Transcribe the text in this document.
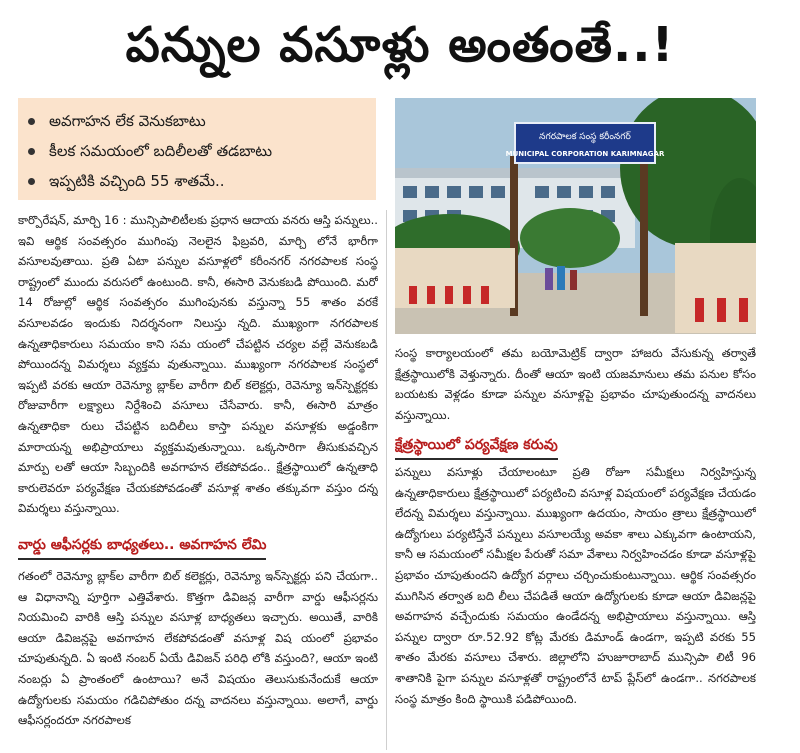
పన్నుల వసూళ్లు అంతంతే..!
అవగాహన లేక వెనుకబాటు
కీలక సమయంలో బదిలీలతో తడబాటు
ఇప్పటికి వచ్చింది 55 శాతమే..
నగరపాలక సంస్థ కరీంనగర్
MUNICIPAL CORPORATION KARIMNAGAR

కార్పొరేషన్‌, మార్చి 16 : మున్సిపాలిటీలకు ప్రధాన ఆదాయ వనరు ఆస్తి పన్నులు.. ఇవి ఆర్థిక సంవత్సరం ముగింపు నెలలైన ఫిబ్రవరి, మార్చి లోనే భారీగా వసూలవుతాయి. ప్రతి ఏటా పన్నుల వసూళ్లలో కరీంనగర్‌ నగరపాలక సంస్థ రాష్ట్రంలో ముందు వరుసలో ఉంటుంది. కానీ, ఈసారి వెనుకబడి పోయింది. మరో 14 రోజుల్లో ఆర్థిక సంవత్సరం ముగింపునకు వస్తున్నా 55 శాతం వరకే వసూలవడం ఇందుకు నిదర్శనంగా నిలుస్తు న్నది. ముఖ్యంగా నగరపాలక ఉన్నతాధికారులు సమయం కాని సమ యంలో చేపట్టిన చర్యల వల్లే వెనుకబడి పోయిందన్న విమర్శలు వ్యక్తమ వుతున్నాయి. ముఖ్యంగా నగరపాలక సంస్థలో ఇప్పటి వరకు ఆయా రెవెన్యూ బ్లాక్‌ల వారీగా బిల్‌ కలెక్టర్లు, రెవెన్యూ ఇన్‌స్పెక్టర్లకు రోజువారీగా లక్ష్యాలు నిర్దేశించి వసూలు చేసేవారు. కానీ, ఈసారి మాత్రం ఉన్నతాధికా రులు చేపట్టిన బదిలీలు కాస్తా పన్నుల వసూళ్లకు అడ్డంకిగా మారాయన్న అభిప్రాయాలు వ్యక్తమవుతున్నాయి. ఒక్కసారిగా తీసుకువచ్చిన మార్పు లతో ఆయా సిబ్బందికి అవగాహన లేకపోవడం.. క్షేత్రస్థాయిలో ఉన్నతాధి కారులెవరూ పర్యవేక్షణ చేయకపోవడంతో వసూళ్ల శాతం తక్కువగా వస్తుం దన్న విమర్శలు వస్తున్నాయి.

వార్డు ఆఫీసర్లకు బాధ్యతలు.. అవగాహన లేమి

గతంలో రెవెన్యూ బ్లాక్‌ల వారీగా బిల్‌ కలెక్టర్లు, రెవెన్యూ ఇన్‌స్పెక్టర్లు పని చేయగా.. ఆ విధానాన్ని పూర్తిగా ఎత్తివేశారు. కొత్తగా డివిజన్ల వారీగా వార్డు ఆఫీసర్లను నియమించి వారికి ఆస్తి పన్నుల వసూళ్ల బాధ్యతలు ఇచ్చారు. అయితే, వారికి ఆయా డివిజన్లపై అవగాహన లేకపోవడంతో వసూళ్ల విష యంలో ప్రభావం చూపుతున్నది. ఏ ఇంటి నంబర్‌ ఏయే డివిజన్‌ పరిధి లోకి వస్తుంది?, ఆయా ఇంటి నంబర్లు ఏ ప్రాంతంలో ఉంటాయి? అనే విషయం తెలుసుకునేందుకే ఆయా ఉద్యోగులకు సమయం గడిచిపోతుం దన్న వాదనలు వస్తున్నాయి. అలాగే, వార్డు ఆఫీసర్లందరూ నగరపాలక

సంస్థ కార్యాలయంలో తమ బయోమెట్రిక్‌ ద్వారా హాజరు వేసుకున్న తర్వాతే క్షేత్రస్థాయిలోకి వెళ్తున్నారు. దీంతో ఆయా ఇంటి యజమానులు తమ పనుల కోసం బయటకు వెళ్లడం కూడా పన్నుల వసూళ్లపై ప్రభావం చూపుతుందన్న వాదనలు వస్తున్నాయి.

క్షేత్రస్థాయిలో పర్యవేక్షణ కరువు

పన్నులు వసూళ్లు చేయాలంటూ ప్రతి రోజూ సమీక్షలు నిర్వహిస్తున్న ఉన్నతాధికారులు క్షేత్రస్థాయిలో పర్యటించి వసూళ్ల విషయంలో పర్యవేక్షణ చేయడం లేదన్న విమర్శలు వస్తున్నాయి. ముఖ్యంగా ఉదయం, సాయం త్రాలు క్షేత్రస్థాయిలో ఉద్యోగులు పర్యటిస్తేనే పన్నులు వసూలయ్యే అవకా శాలు ఎక్కువగా ఉంటాయని, కానీ ఆ సమయంలో సమీక్షల పేరుతో సమా వేశాలు నిర్వహించడం కూడా వసూళ్లపై ప్రభావం చూపుతుందని ఉద్యోగ వర్గాలు చర్చించుకుంటున్నాయి. ఆర్థిక సంవత్సరం ముగిసిన తర్వాత బది లీలు చేపడితే ఆయా ఉద్యోగులకు కూడా ఆయా డివిజన్లపై అవగాహన వచ్చేందుకు సమయం ఉండేదన్న అభిప్రాయాలు వస్తున్నాయి. ఆస్తి పన్నుల ద్వారా రూ.52.92 కోట్ల మేరకు డిమాండ్‌ ఉండగా, ఇప్పటి వరకు 55 శాతం మేరకు వసూలు చేశారు. జిల్లాలోని హుజూరాబాద్‌ మున్సిపా లిటీ 96 శాతానికి పైగా పన్నుల వసూళ్లతో రాష్ట్రంలోనే టాప్‌ ప్లేస్‌లో ఉండగా.. నగరపాలక సంస్థ మాత్రం కింది స్థాయికి పడిపోయింది.
